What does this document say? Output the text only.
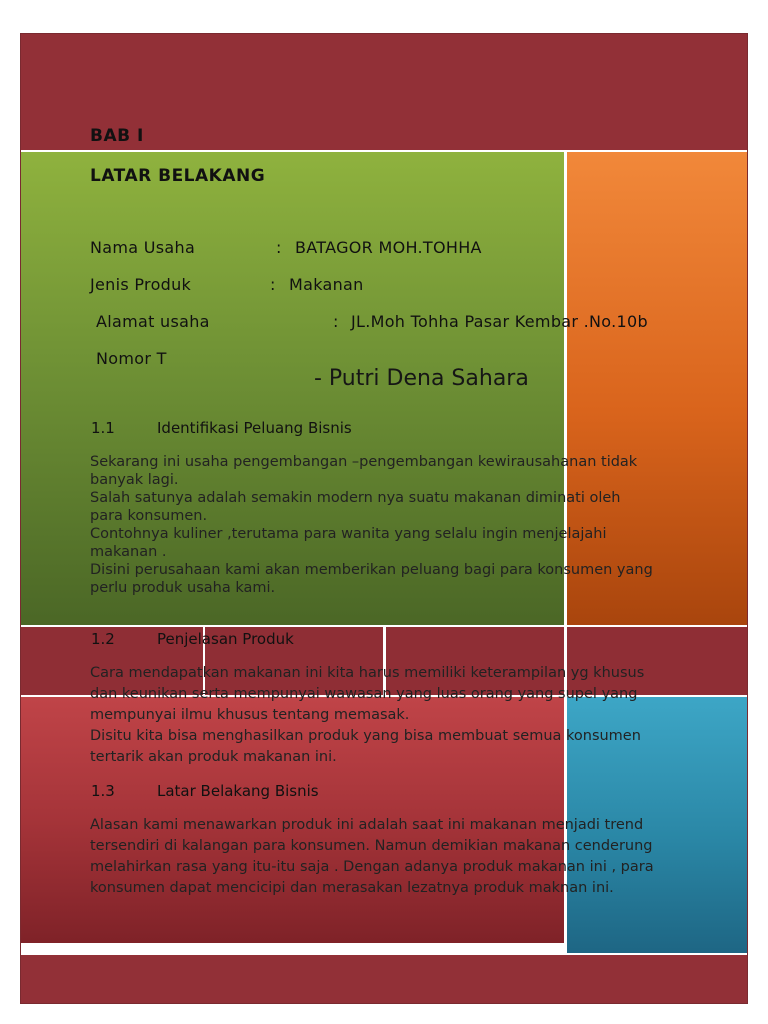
BAB I
LATAR BELAKANG
Nama Usaha	: BATAGOR MOH.TOHHA
Jenis Produk	: Makanan
Alamat usaha	: JL.Moh Tohha Pasar Kembar .No.10b
Nomor T
- Putri Dena Sahara
1.1	Identifikasi Peluang Bisnis
Sekarang ini usaha pengembangan –pengembangan kewirausahanan tidak
banyak lagi.
Salah satunya adalah semakin modern nya suatu makanan diminati oleh
para konsumen.
Contohnya kuliner ,terutama para wanita yang selalu ingin menjelajahi
makanan .
Disini perusahaan kami akan memberikan peluang bagi para konsumen yang
perlu produk usaha kami.
1.2	Penjelasan Produk
Cara mendapatkan makanan ini kita harus memiliki keterampilan yg khusus
dan keunikan serta mempunyai wawasan yang luas orang yang supel yang
mempunyai ilmu khusus tentang memasak.
Disitu kita bisa menghasilkan produk yang bisa membuat semua konsumen
tertarik akan produk makanan ini.
1.3	Latar Belakang Bisnis
Alasan kami menawarkan produk ini adalah saat ini makanan menjadi trend
tersendiri di kalangan para konsumen. Namun demikian makanan cenderung
melahirkan rasa yang itu-itu saja . Dengan adanya produk makanan ini , para
konsumen dapat mencicipi dan merasakan lezatnya produk maknan ini.
